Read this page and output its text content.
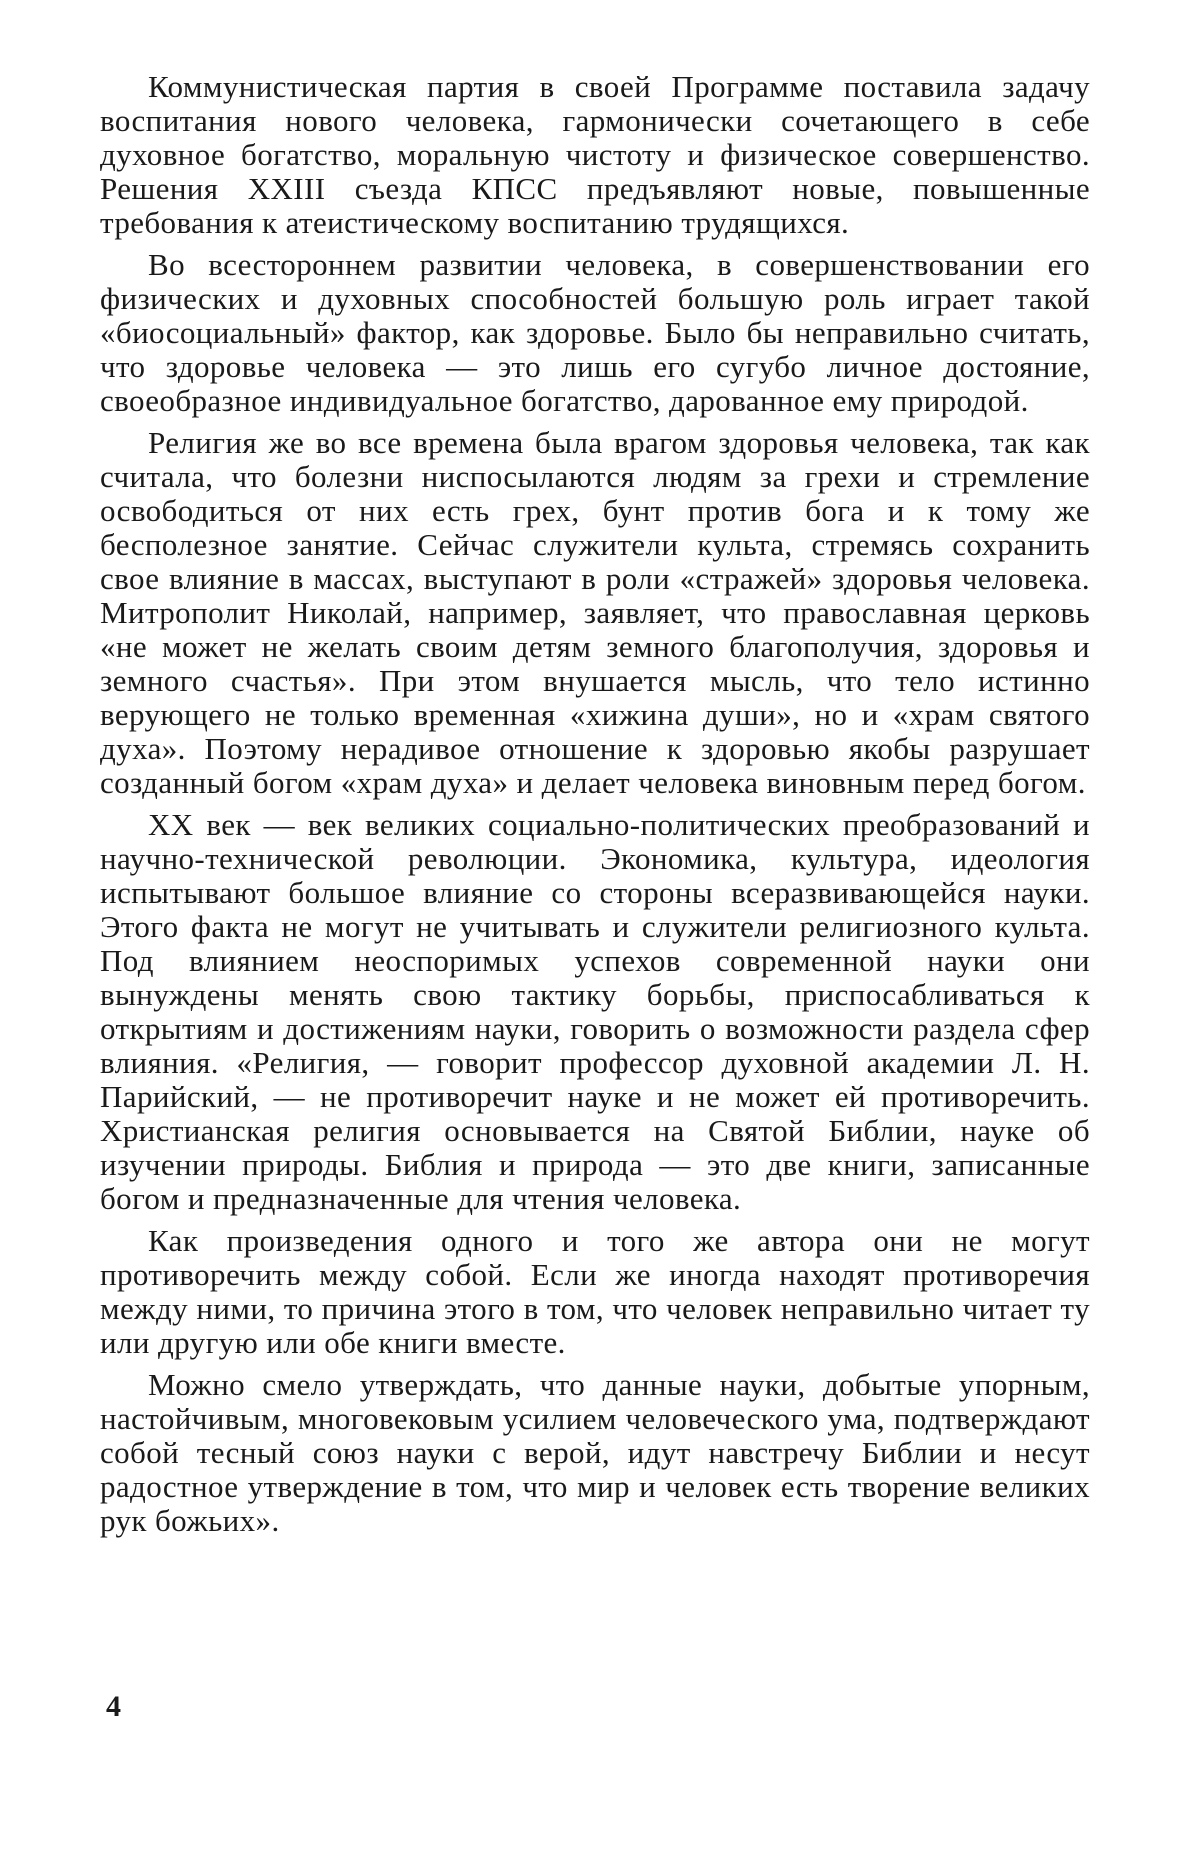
Коммунистическая партия в своей Программе поставила задачу воспитания нового человека, гармонически сочетающего в себе духовное богатство, моральную чистоту и физическое совершенство. Решения XXIII съезда КПСС предъявляют новые, повышенные требования к атеистическому воспитанию трудящихся.

Во всестороннем развитии человека, в совершенствовании его физических и духовных способностей большую роль играет такой «биосоциальный» фактор, как здоровье. Было бы неправильно считать, что здоровье человека — это лишь его сугубо личное достояние, своеобразное индивидуальное богатство, дарованное ему природой.

Религия же во все времена была врагом здоровья человека, так как считала, что болезни ниспосылаются людям за грехи и стремление освободиться от них есть грех, бунт против бога и к тому же бесполезное занятие. Сейчас служители культа, стремясь сохранить свое влияние в массах, выступают в роли «стражей» здоровья человека. Митрополит Николай, например, заявляет, что православная церковь «не может не желать своим детям земного благополучия, здоровья и земного счастья». При этом внушается мысль, что тело истинно верующего не только временная «хижина души», но и «храм святого духа». Поэтому нерадивое отношение к здоровью якобы разрушает созданный богом «храм духа» и делает человека виновным перед богом.

XX век — век великих социально-политических преобразований и научно-технической революции. Экономика, культура, идеология испытывают большое влияние со стороны всеразвивающейся науки. Этого факта не могут не учитывать и служители религиозного культа. Под влиянием неоспоримых успехов современной науки они вынуждены менять свою тактику борьбы, приспосабливаться к открытиям и достижениям науки, говорить о возможности раздела сфер влияния. «Религия, — говорит профессор духовной академии Л. Н. Парийский, — не противоречит науке и не может ей противоречить. Христианская религия основывается на Святой Библии, науке об изучении природы. Библия и природа — это две книги, записанные богом и предназначенные для чтения человека.

Как произведения одного и того же автора они не могут противоречить между собой. Если же иногда находят противоречия между ними, то причина этого в том, что человек неправильно читает ту или другую или обе книги вместе.

Можно смело утверждать, что данные науки, добытые упорным, настойчивым, многовековым усилием человеческого ума, подтверждают собой тесный союз науки с верой, идут навстречу Библии и несут радостное утверждение в том, что мир и человек есть творение великих рук божьих».

4
